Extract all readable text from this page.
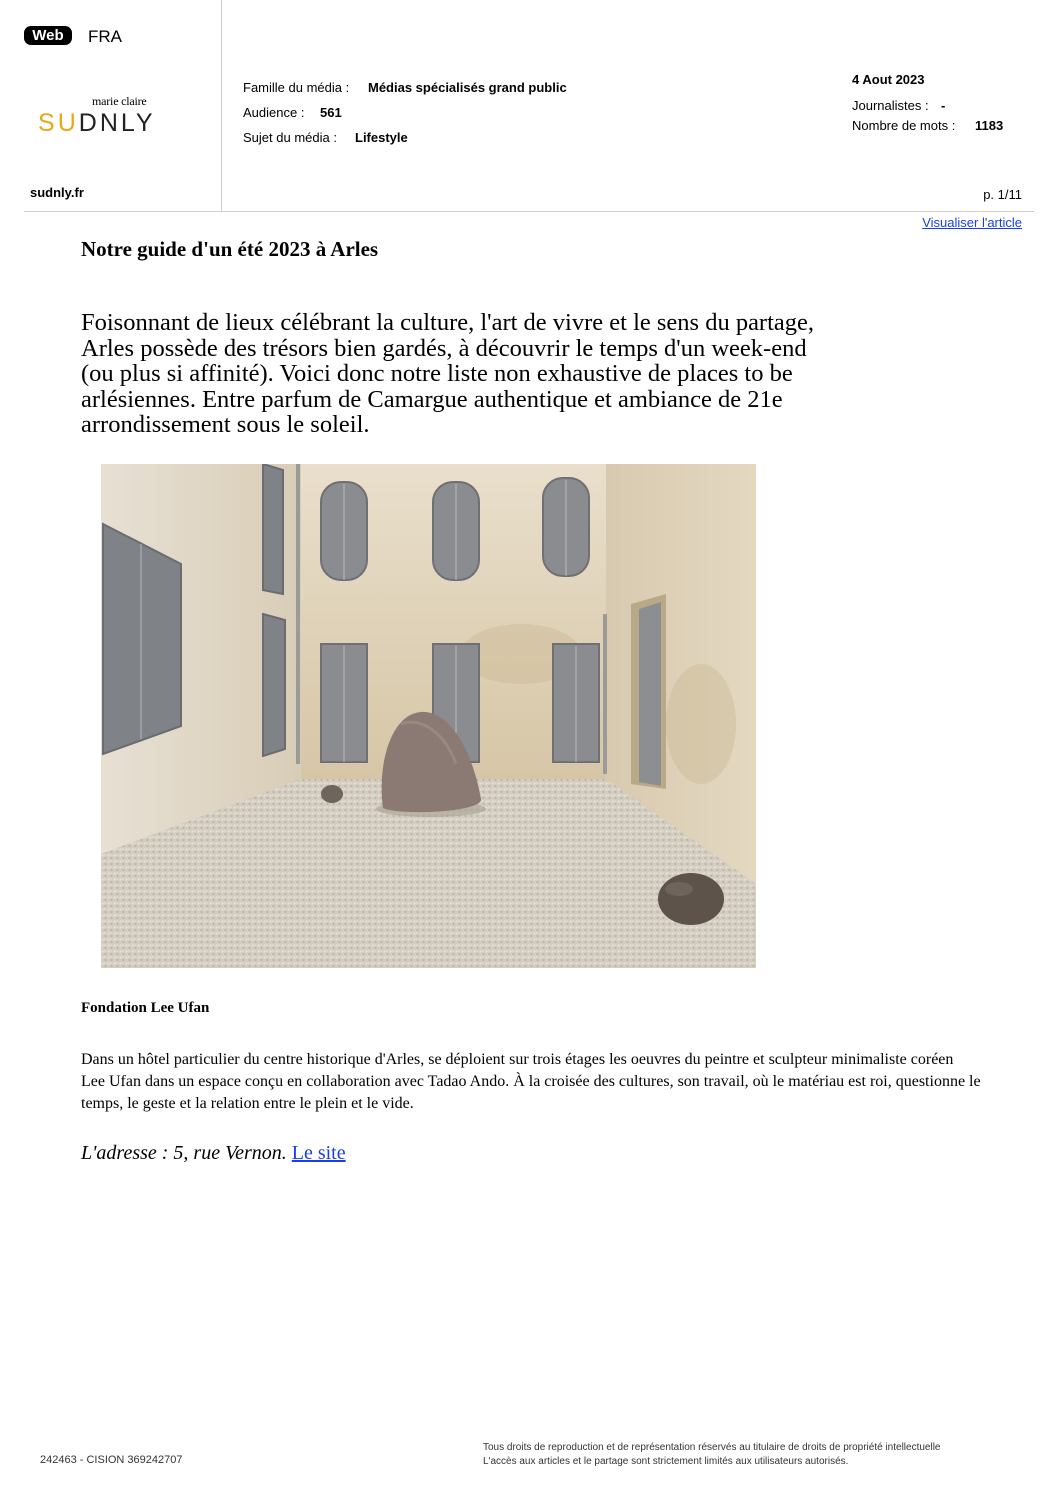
Web	FRA
marie claire
SUDNLY
Famille du média : Médias spécialisés grand public
Audience : 561
Sujet du média : Lifestyle
4 Aout 2023
Journalistes : -
Nombre de mots : 1183
sudnly.fr	p. 1/11
Visualiser l'article
Notre guide d'un été 2023 à Arles
Foisonnant de lieux célébrant la culture, l'art de vivre et le sens du partage, Arles possède des trésors bien gardés, à découvrir le temps d'un week-end (ou plus si affinité). Voici donc notre liste non exhaustive de places to be arlésiennes. Entre parfum de Camargue authentique et ambiance de 21e arrondissement sous le soleil.
Fondation Lee Ufan
Dans un hôtel particulier du centre historique d'Arles, se déploient sur trois étages les oeuvres du peintre et sculpteur minimaliste coréen Lee Ufan dans un espace conçu en collaboration avec Tadao Ando. À la croisée des cultures, son travail, où le matériau est roi, questionne le temps, le geste et la relation entre le plein et le vide.
L'adresse : 5, rue Vernon. Le site
242463 - CISION 369242707
Tous droits de reproduction et de représentation réservés au titulaire de droits de propriété intellectuelle
L'accès aux articles et le partage sont strictement limités aux utilisateurs autorisés.
